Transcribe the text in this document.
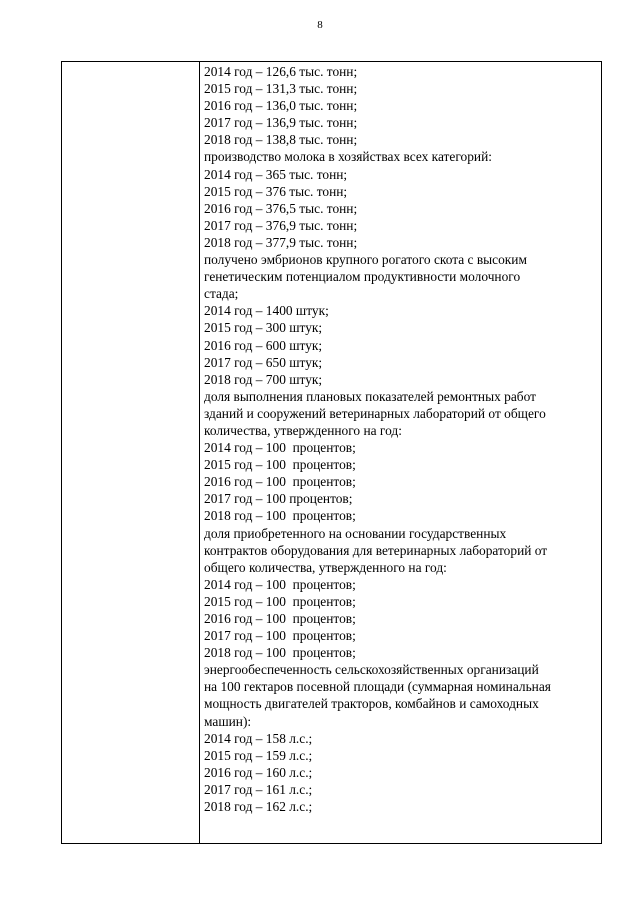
8
2014 год – 126,6 тыс. тонн;
2015 год – 131,3 тыс. тонн;
2016 год – 136,0 тыс. тонн;
2017 год – 136,9 тыс. тонн;
2018 год – 138,8 тыс. тонн;
производство молока в хозяйствах всех категорий:
2014 год – 365 тыс. тонн;
2015 год – 376 тыс. тонн;
2016 год – 376,5 тыс. тонн;
2017 год – 376,9 тыс. тонн;
2018 год – 377,9 тыс. тонн;
получено эмбрионов крупного рогатого скота с высоким
генетическим потенциалом продуктивности молочного
стада;
2014 год – 1400 штук;
2015 год – 300 штук;
2016 год – 600 штук;
2017 год – 650 штук;
2018 год – 700 штук;
доля выполнения плановых показателей ремонтных работ
зданий и сооружений ветеринарных лабораторий от общего
количества, утвержденного на год:
2014 год – 100  процентов;
2015 год – 100  процентов;
2016 год – 100  процентов;
2017 год – 100 процентов;
2018 год – 100  процентов;
доля приобретенного на основании государственных
контрактов оборудования для ветеринарных лабораторий от
общего количества, утвержденного на год:
2014 год – 100  процентов;
2015 год – 100  процентов;
2016 год – 100  процентов;
2017 год – 100  процентов;
2018 год – 100  процентов;
энергообеспеченность сельскохозяйственных организаций
на 100 гектаров посевной площади (суммарная номинальная
мощность двигателей тракторов, комбайнов и самоходных
машин):
2014 год – 158 л.с.;
2015 год – 159 л.с.;
2016 год – 160 л.с.;
2017 год – 161 л.с.;
2018 год – 162 л.с.;
